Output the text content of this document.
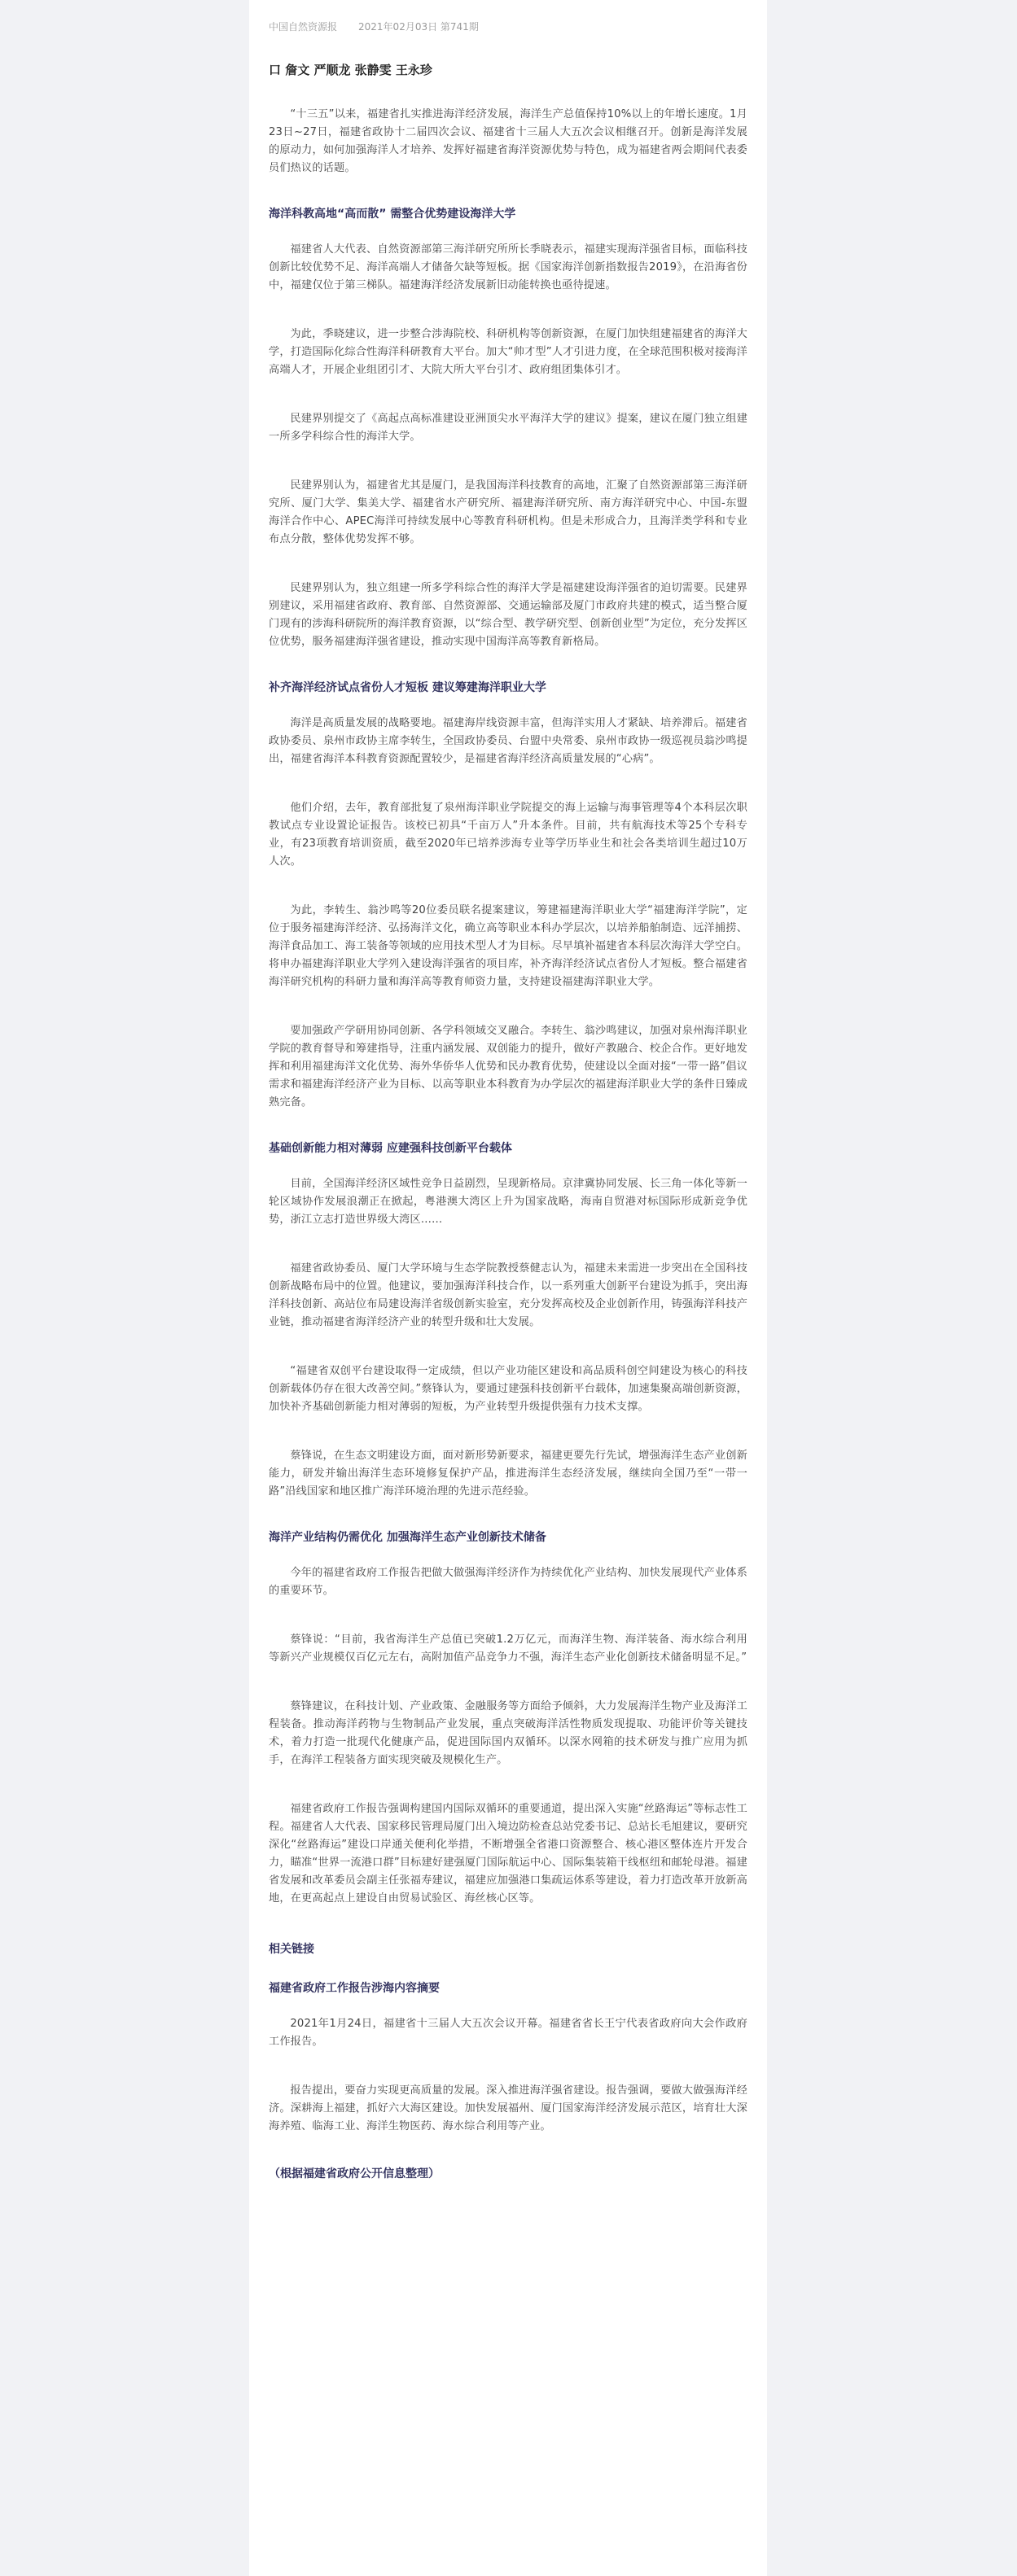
中国自然资源报 2021年02月03日 第741期
口 詹文 严顺龙 张静雯 王永珍
“十三五”以来，福建省扎实推进海洋经济发展，海洋生产总值保持10%以上的年增长速度。1月23日~27日，福建省政协十二届四次会议、福建省十三届人大五次会议相继召开。创新是海洋发展的原动力，如何加强海洋人才培养、发挥好福建省海洋资源优势与特色，成为福建省两会期间代表委员们热议的话题。
海洋科教高地“高而散” 需整合优势建设海洋大学
福建省人大代表、自然资源部第三海洋研究所所长季晓表示，福建实现海洋强省目标，面临科技创新比较优势不足、海洋高端人才储备欠缺等短板。据《国家海洋创新指数报告2019》，在沿海省份中，福建仅位于第三梯队。福建海洋经济发展新旧动能转换也亟待提速。
为此，季晓建议，进一步整合涉海院校、科研机构等创新资源，在厦门加快组建福建省的海洋大学，打造国际化综合性海洋科研教育大平台。加大“帅才型”人才引进力度，在全球范围积极对接海洋高端人才，开展企业组团引才、大院大所大平台引才、政府组团集体引才。
民建界别提交了《高起点高标准建设亚洲顶尖水平海洋大学的建议》提案，建议在厦门独立组建一所多学科综合性的海洋大学。
民建界别认为，福建省尤其是厦门，是我国海洋科技教育的高地，汇聚了自然资源部第三海洋研究所、厦门大学、集美大学、福建省水产研究所、福建海洋研究所、南方海洋研究中心、中国-东盟海洋合作中心、APEC海洋可持续发展中心等教育科研机构。但是未形成合力，且海洋类学科和专业布点分散，整体优势发挥不够。
民建界别认为，独立组建一所多学科综合性的海洋大学是福建建设海洋强省的迫切需要。民建界别建议，采用福建省政府、教育部、自然资源部、交通运输部及厦门市政府共建的模式，适当整合厦门现有的涉海科研院所的海洋教育资源，以“综合型、教学研究型、创新创业型”为定位，充分发挥区位优势，服务福建海洋强省建设，推动实现中国海洋高等教育新格局。
补齐海洋经济试点省份人才短板 建议筹建海洋职业大学
海洋是高质量发展的战略要地。福建海岸线资源丰富，但海洋实用人才紧缺、培养滞后。福建省政协委员、泉州市政协主席李转生，全国政协委员、台盟中央常委、泉州市政协一级巡视员翁沙鸣提出，福建省海洋本科教育资源配置较少，是福建省海洋经济高质量发展的“心病”。
他们介绍，去年，教育部批复了泉州海洋职业学院提交的海上运输与海事管理等4个本科层次职教试点专业设置论证报告。该校已初具“千亩万人”升本条件。目前，共有航海技术等25个专科专业，有23项教育培训资质，截至2020年已培养涉海专业等学历毕业生和社会各类培训生超过10万人次。
为此，李转生、翁沙鸣等20位委员联名提案建议，筹建福建海洋职业大学“福建海洋学院”，定位于服务福建海洋经济、弘扬海洋文化，确立高等职业本科办学层次，以培养船舶制造、远洋捕捞、海洋食品加工、海工装备等领域的应用技术型人才为目标。尽早填补福建省本科层次海洋大学空白。将申办福建海洋职业大学列入建设海洋强省的项目库，补齐海洋经济试点省份人才短板。整合福建省海洋研究机构的科研力量和海洋高等教育师资力量，支持建设福建海洋职业大学。
要加强政产学研用协同创新、各学科领域交叉融合。李转生、翁沙鸣建议，加强对泉州海洋职业学院的教育督导和筹建指导，注重内涵发展、双创能力的提升，做好产教融合、校企合作。更好地发挥和利用福建海洋文化优势、海外华侨华人优势和民办教育优势，使建设以全面对接“一带一路”倡议需求和福建海洋经济产业为目标、以高等职业本科教育为办学层次的福建海洋职业大学的条件日臻成熟完备。
基础创新能力相对薄弱 应建强科技创新平台载体
目前，全国海洋经济区域性竞争日益剧烈，呈现新格局。京津冀协同发展、长三角一体化等新一轮区域协作发展浪潮正在掀起，粤港澳大湾区上升为国家战略，海南自贸港对标国际形成新竞争优势，浙江立志打造世界级大湾区……
福建省政协委员、厦门大学环境与生态学院教授蔡健志认为，福建未来需进一步突出在全国科技创新战略布局中的位置。他建议，要加强海洋科技合作，以一系列重大创新平台建设为抓手，突出海洋科技创新、高站位布局建设海洋省级创新实验室，充分发挥高校及企业创新作用，铸强海洋科技产业链，推动福建省海洋经济产业的转型升级和壮大发展。
“福建省双创平台建设取得一定成绩，但以产业功能区建设和高品质科创空间建设为核心的科技创新载体仍存在很大改善空间。”蔡锋认为，要通过建强科技创新平台载体，加速集聚高端创新资源，加快补齐基础创新能力相对薄弱的短板，为产业转型升级提供强有力技术支撑。
蔡锋说，在生态文明建设方面，面对新形势新要求，福建更要先行先试，增强海洋生态产业创新能力，研发并输出海洋生态环境修复保护产品，推进海洋生态经济发展，继续向全国乃至“一带一路”沿线国家和地区推广海洋环境治理的先进示范经验。
海洋产业结构仍需优化 加强海洋生态产业创新技术储备
今年的福建省政府工作报告把做大做强海洋经济作为持续优化产业结构、加快发展现代产业体系的重要环节。
蔡锋说：“目前，我省海洋生产总值已突破1.2万亿元，而海洋生物、海洋装备、海水综合利用等新兴产业规模仅百亿元左右，高附加值产品竞争力不强，海洋生态产业化创新技术储备明显不足。”
蔡锋建议，在科技计划、产业政策、金融服务等方面给予倾斜，大力发展海洋生物产业及海洋工程装备。推动海洋药物与生物制品产业发展，重点突破海洋活性物质发现提取、功能评价等关键技术，着力打造一批现代化健康产品，促进国际国内双循环。以深水网箱的技术研发与推广应用为抓手，在海洋工程装备方面实现突破及规模化生产。
福建省政府工作报告强调构建国内国际双循环的重要通道，提出深入实施“丝路海运”等标志性工程。福建省人大代表、国家移民管理局厦门出入境边防检查总站党委书记、总站长毛旭建议，要研究深化“丝路海运”建设口岸通关便利化举措，不断增强全省港口资源整合、核心港区整体连片开发合力，瞄准“世界一流港口群”目标建好建强厦门国际航运中心、国际集装箱干线枢纽和邮轮母港。福建省发展和改革委员会副主任张福寿建议，福建应加强港口集疏运体系等建设，着力打造改革开放新高地，在更高起点上建设自由贸易试验区、海丝核心区等。
相关链接
福建省政府工作报告涉海内容摘要
2021年1月24日，福建省十三届人大五次会议开幕。福建省省长王宁代表省政府向大会作政府工作报告。
报告提出，要奋力实现更高质量的发展。深入推进海洋强省建设。报告强调，要做大做强海洋经济。深耕海上福建，抓好六大海区建设。加快发展福州、厦门国家海洋经济发展示范区，培育壮大深海养殖、临海工业、海洋生物医药、海水综合利用等产业。
（根据福建省政府公开信息整理）
